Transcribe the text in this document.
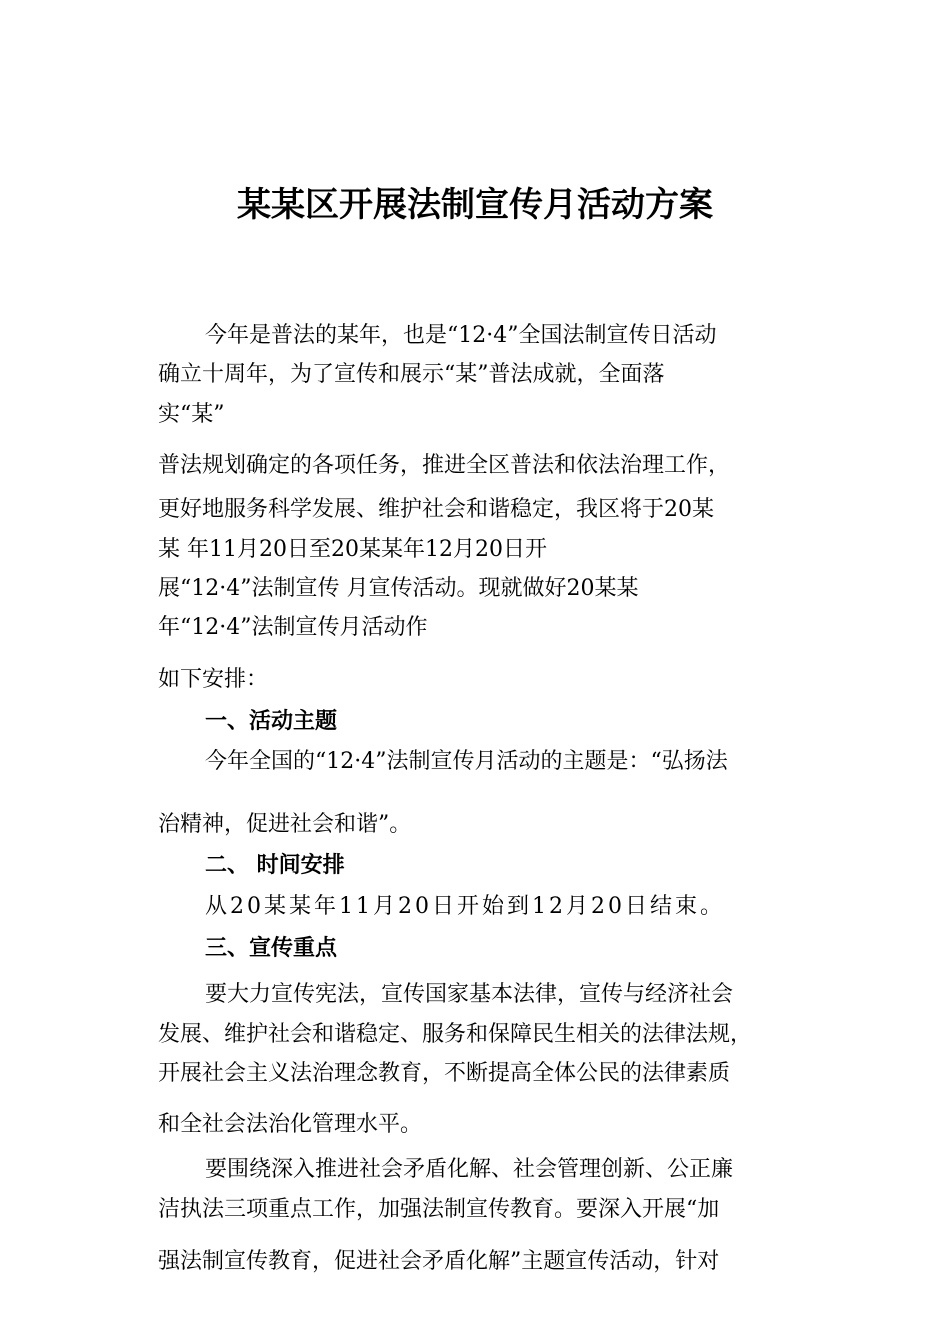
某某区开展法制宣传月活动方案
今年是普法的某年，也是“12·4”全国法制宣传日活动
确立十周年，为了宣传和展示“某”普法成就，全面落
实“某”
普法规划确定的各项任务，推进全区普法和依法治理工作，
更好地服务科学发展、维护社会和谐稳定，我区将于20某
某 年11月20日至20某某年12月20日开
展“12·4”法制宣传 月宣传活动。现就做好20某某
年“12·4”法制宣传月活动作
如下安排：
一、活动主题
今年全国的“12·4”法制宣传月活动的主题是：“弘扬法
治精神，促进社会和谐”。
二、 时间安排
从20某某年11月20日开始到12月20日结束。
三、宣传重点
要大力宣传宪法，宣传国家基本法律，宣传与经济社会
发展、维护社会和谐稳定、服务和保障民生相关的法律法规，
开展社会主义法治理念教育，不断提高全体公民的法律素质
和全社会法治化管理水平。
要围绕深入推进社会矛盾化解、社会管理创新、公正廉
洁执法三项重点工作，加强法制宣传教育。要深入开展“加
强法制宣传教育，促进社会矛盾化解”主题宣传活动，针对
